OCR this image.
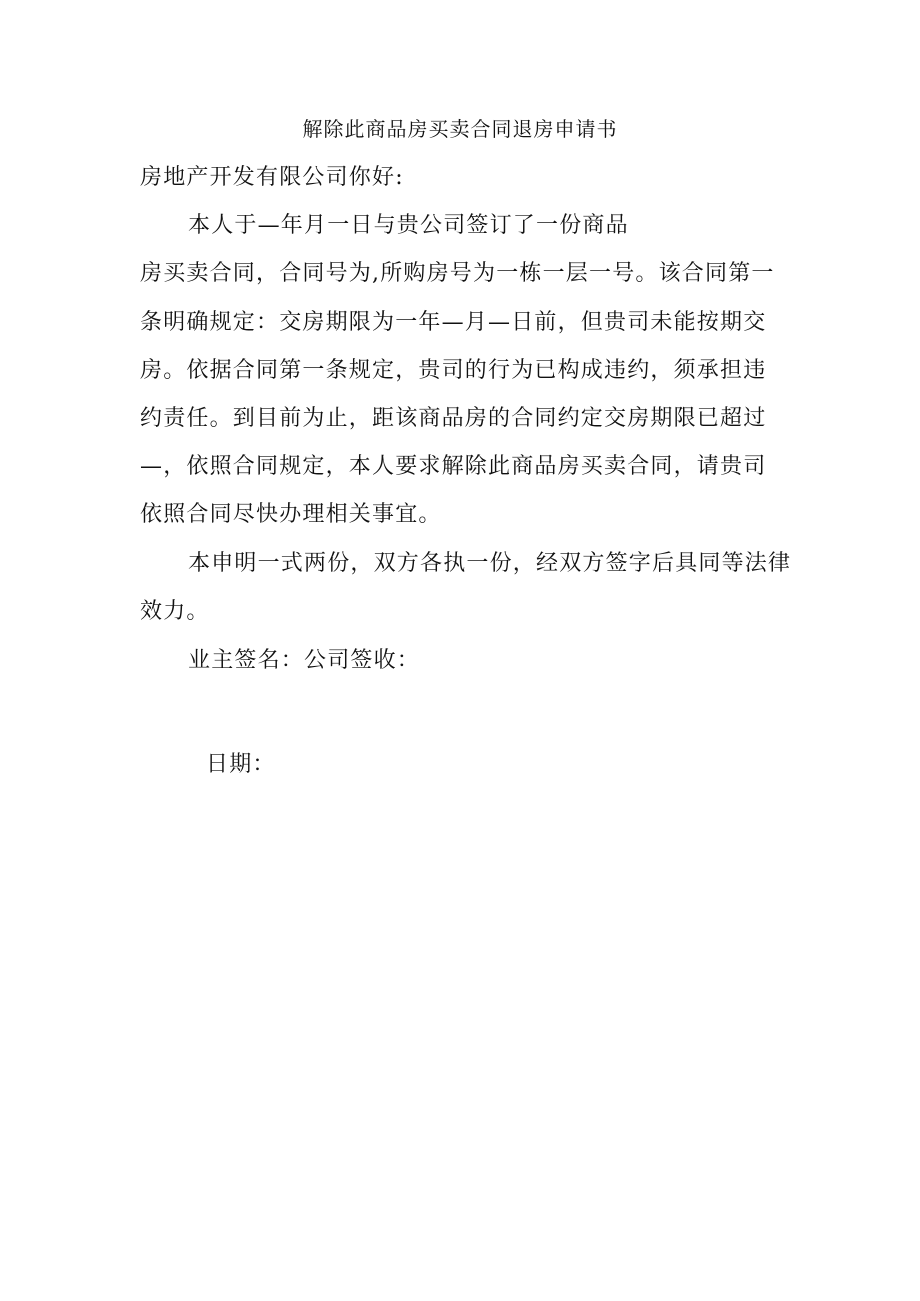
解除此商品房买卖合同退房申请书
房地产开发有限公司你好:
本人于—年月一日与贵公司签订了一份商品
房买卖合同，合同号为,所购房号为一栋一层一号。该合同第一
条明确规定：交房期限为一年—月—日前，但贵司未能按期交
房。依据合同第一条规定，贵司的行为已构成违约，须承担违
约责任。到目前为止，距该商品房的合同约定交房期限已超过
—，依照合同规定，本人要求解除此商品房买卖合同，请贵司
依照合同尽快办理相关事宜。
本申明一式两份，双方各执一份，经双方签字后具同等法律
效力。
业主签名：公司签收：
日期：
